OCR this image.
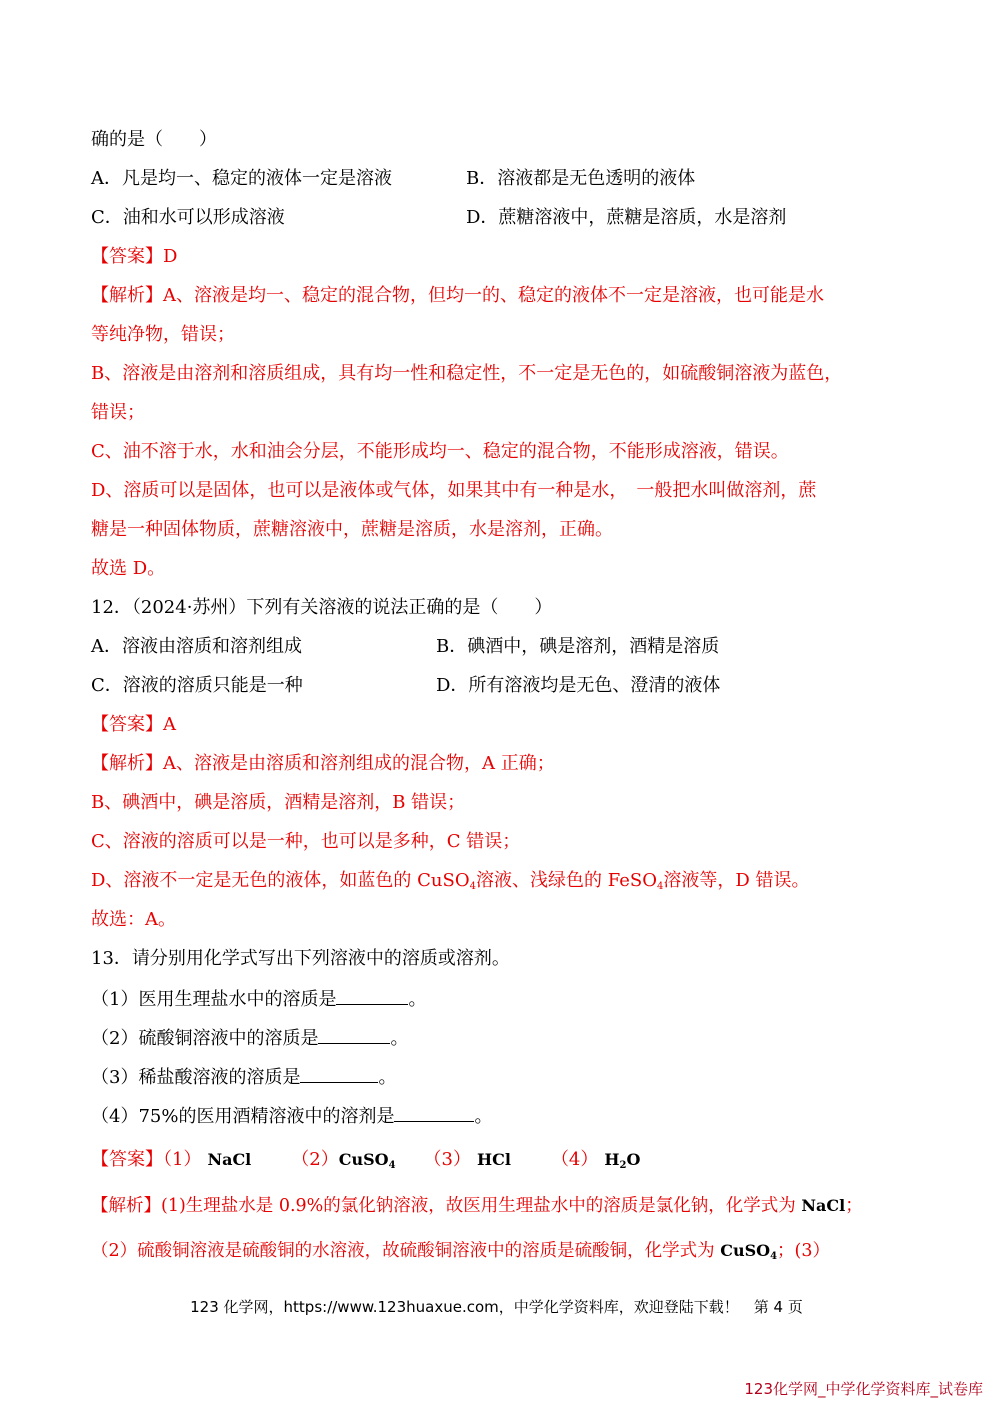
确的是（　　）
A．凡是均一、稳定的液体一定是溶液	B．溶液都是无色透明的液体
C．油和水可以形成溶液	D．蔗糖溶液中，蔗糖是溶质，水是溶剂
【答案】D
【解析】A、溶液是均一、稳定的混合物，但均一的、稳定的液体不一定是溶液，也可能是水
等纯净物，错误；
B、溶液是由溶剂和溶质组成，具有均一性和稳定性，不一定是无色的，如硫酸铜溶液为蓝色，
错误；
C、油不溶于水，水和油会分层，不能形成均一、稳定的混合物，不能形成溶液，错误。
D、溶质可以是固体，也可以是液体或气体，如果其中有一种是水，　一般把水叫做溶剂，蔗
糖是一种固体物质，蔗糖溶液中，蔗糖是溶质，水是溶剂，正确。
故选 D。
12．（2024·苏州）下列有关溶液的说法正确的是（　　）
A．溶液由溶质和溶剂组成	B．碘酒中，碘是溶剂，酒精是溶质
C．溶液的溶质只能是一种	D．所有溶液均是无色、澄清的液体
【答案】A
【解析】A、溶液是由溶质和溶剂组成的混合物，A 正确；
B、碘酒中，碘是溶质，酒精是溶剂，B 错误；
C、溶液的溶质可以是一种，也可以是多种，C 错误；
D、溶液不一定是无色的液体，如蓝色的 CuSO$_4$溶液、浅绿色的 FeSO$_4$溶液等，D 错误。
故选：A。
13．请分别用化学式写出下列溶液中的溶质或溶剂。
（1）医用生理盐水中的溶质是	。
（2）硫酸铜溶液中的溶质是	。
（3）稀盐酸溶液的溶质是	。
（4）75%的医用酒精溶液中的溶剂是	。
【答案】（1） NaCl （2）CuSO$_4$ （3） HCl （4） $H_2O$
【解析】(1)生理盐水是 0.9%的氯化钠溶液，故医用生理盐水中的溶质是氯化钠，化学式为 NaCl；
（2）硫酸铜溶液是硫酸铜的水溶液，故硫酸铜溶液中的溶质是硫酸铜，化学式为 CuSO$_4$；(3）
123 化学网，https://www.123huaxue.com，中学化学资料库，欢迎登陆下载！　第 4 页
123化学网_中学化学资料库_试卷库
